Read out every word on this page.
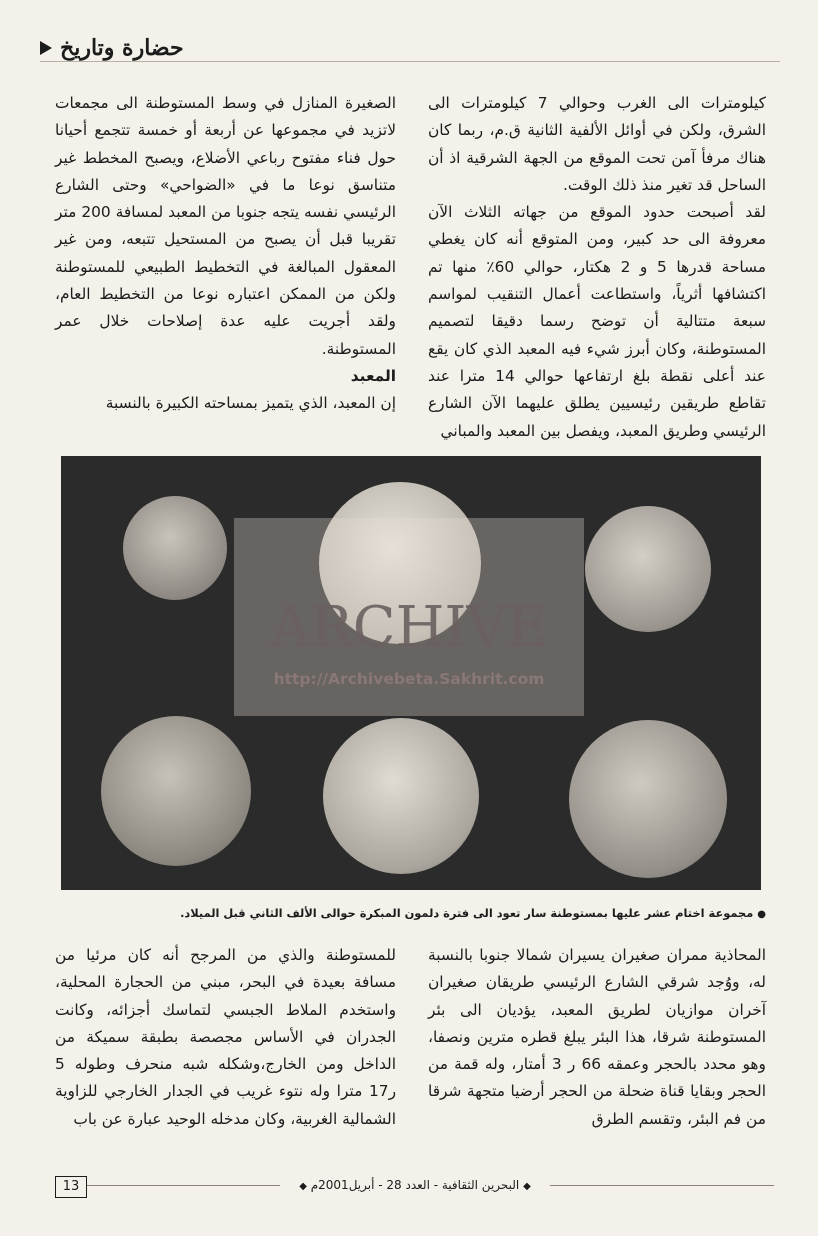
حضارة وتاريخ

كيلومترات الى الغرب وحوالي 7 كيلومترات الى الشرق، ولكن في أوائل الألفية الثانية ق.م، ربما كان هناك مرفأ آمن تحت الموقع من الجهة الشرقية اذ أن الساحل قد تغير منذ ذلك الوقت.

لقد أصبحت حدود الموقع من جهاته الثلاث الآن معروفة الى حد كبير، ومن المتوقع أنه كان يغطي مساحة قدرها 5 و 2 هكتار، حوالي 60٪ منها تم اكتشافها أثرياً، واستطاعت أعمال التنقيب لمواسم سبعة متتالية أن توضح رسما دقيقا لتصميم المستوطنة، وكان أبرز شيء فيه المعبد الذي كان يقع عند أعلى نقطة بلغ ارتفاعها حوالي 14 مترا عند تقاطع طريقين رئيسيين يطلق عليهما الآن الشارع الرئيسي وطريق المعبد، ويفصل بين المعبد والمباني

الصغيرة المنازل في وسط المستوطنة الى مجمعات لاتزيد في مجموعها عن أربعة أو خمسة تتجمع أحيانا حول فناء مفتوح رباعي الأضلاع، ويصبح المخطط غير متناسق نوعا ما في «الضواحي» وحتى الشارع الرئيسي نفسه يتجه جنوبا من المعبد لمسافة 200 متر تقريبا قبل أن يصبح من المستحيل تتبعه، ومن غير المعقول المبالغة في التخطيط الطبيعي للمستوطنة ولكن من الممكن اعتباره نوعا من التخطيط العام، ولقد أجريت عليه عدة إصلاحات خلال عمر المستوطنة.

المعبد

إن المعبد، الذي يتميز بمساحته الكبيرة بالنسبة

ARCHIVE
http://Archivebeta.Sakhrit.com
●مجموعة اختام عشر عليها بمستوطنة سار تعود الى فترة دلمون المبكرة حوالى الألف الثاني قبل الميلاد.

المحاذية ممران صغيران يسيران شمالا جنوبا بالنسبة له، ووُجد شرقي الشارع الرئيسي طريقان صغيران آخران موازيان لطريق المعبد، يؤديان الى بئر المستوطنة شرقا، هذا البئر يبلغ قطره مترين ونصفا، وهو محدد بالحجر وعمقه 66 ر 3 أمتار، وله قمة من الحجر وبقايا قناة ضحلة من الحجر أرضيا متجهة شرقا من فم البئر، وتقسم الطرق

للمستوطنة والذي من المرجح أنه كان مرئيا من مسافة بعيدة في البحر، مبني من الحجارة المحلية، واستخدم الملاط الجبسي لتماسك أجزائه، وكانت الجدران في الأساس مجصصة بطبقة سميكة من الداخل ومن الخارج،وشكله شبه منحرف وطوله 5 ر17 مترا وله نتوء غريب في الجدار الخارجي للزاوية الشمالية الغربية، وكان مدخله الوحيد عبارة عن باب

13	◆ البحرين الثقافية - العدد 28 - أبريل2001م ◆
